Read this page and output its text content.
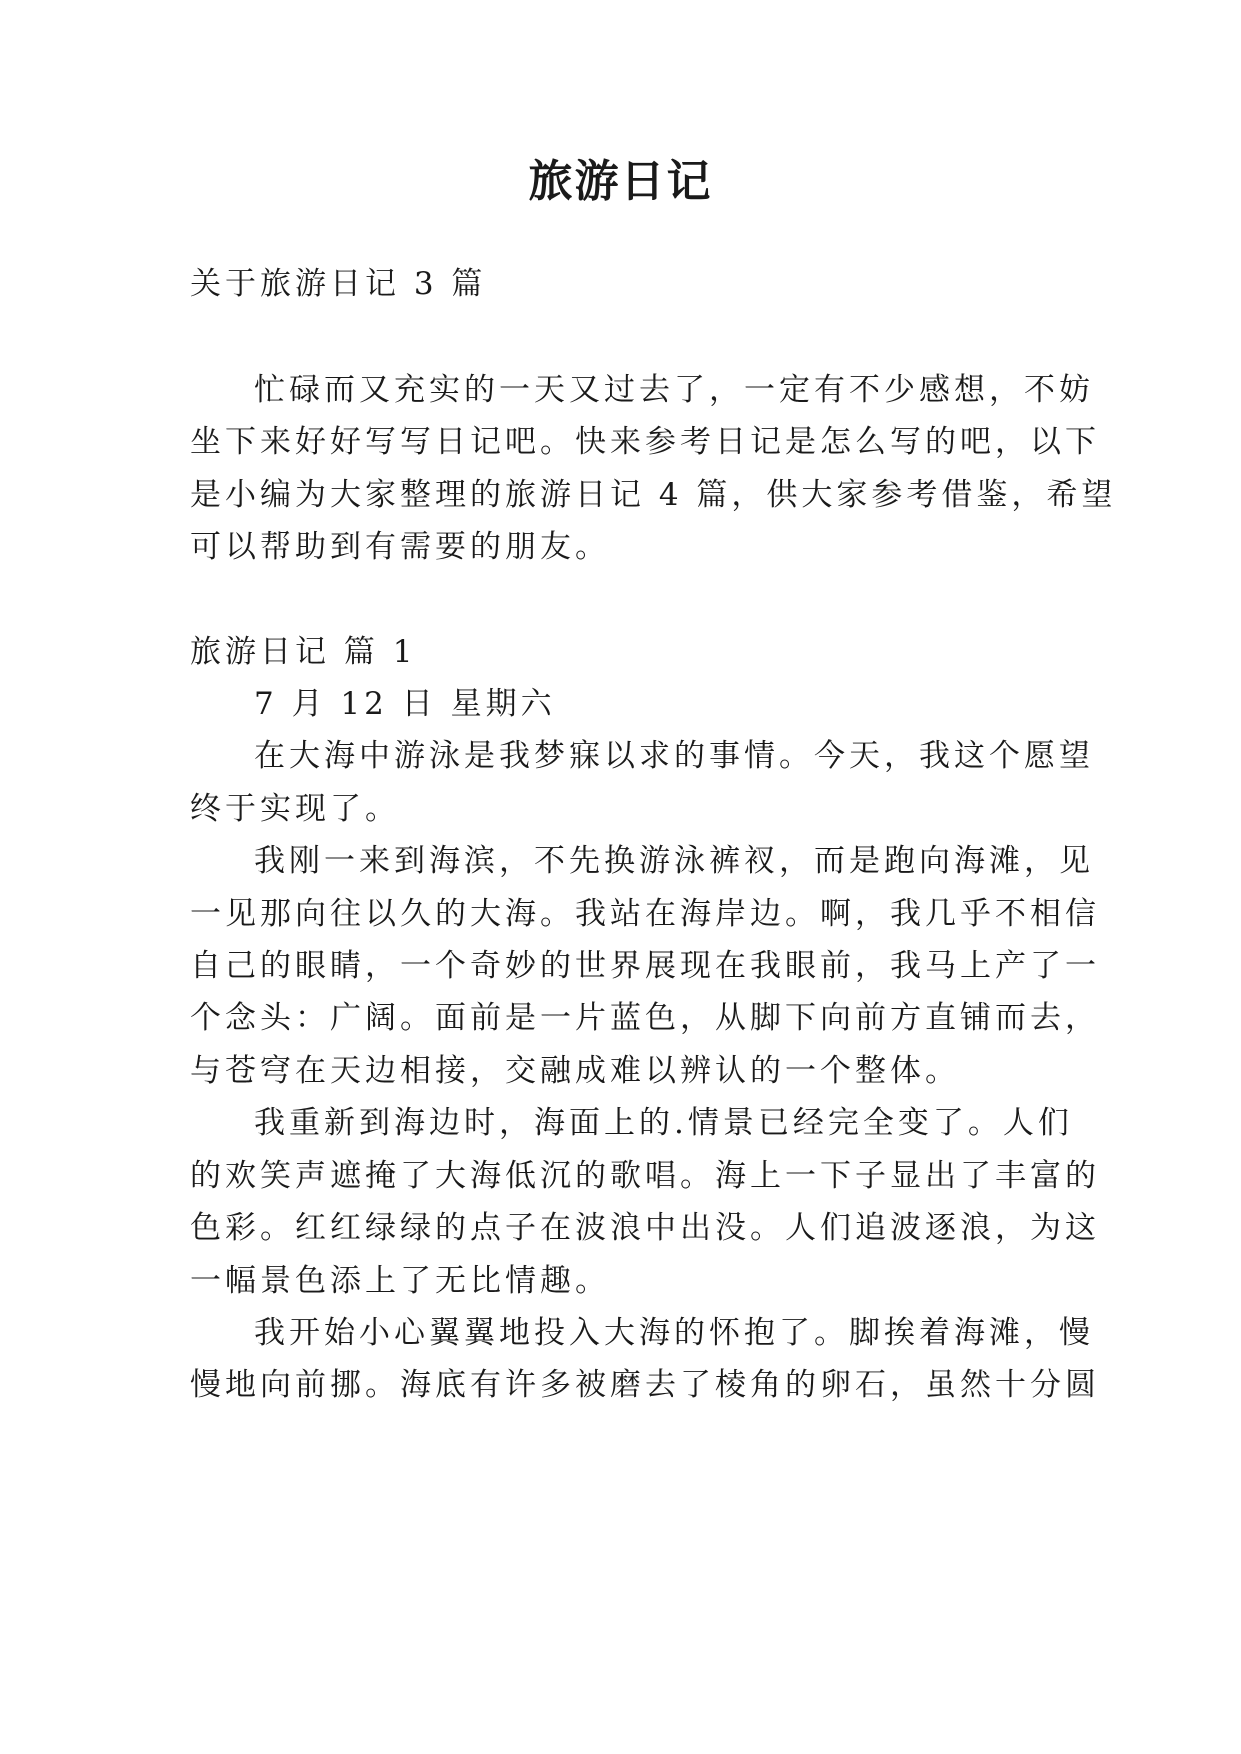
旅游日记

关于旅游日记 3 篇

忙碌而又充实的一天又过去了，一定有不少感想，不妨

坐下来好好写写日记吧。快来参考日记是怎么写的吧，以下

是小编为大家整理的旅游日记 4 篇，供大家参考借鉴，希望

可以帮助到有需要的朋友。

旅游日记 篇 1

7 月 12 日 星期六

在大海中游泳是我梦寐以求的事情。今天，我这个愿望

终于实现了。

我刚一来到海滨，不先换游泳裤衩，而是跑向海滩，见

一见那向往以久的大海。我站在海岸边。啊，我几乎不相信

自己的眼睛，一个奇妙的世界展现在我眼前，我马上产了一

个念头：广阔。面前是一片蓝色，从脚下向前方直铺而去，

与苍穹在天边相接，交融成难以辨认的一个整体。

我重新到海边时，海面上的.情景已经完全变了。人们

的欢笑声遮掩了大海低沉的歌唱。海上一下子显出了丰富的

色彩。红红绿绿的点子在波浪中出没。人们追波逐浪，为这

一幅景色添上了无比情趣。

我开始小心翼翼地投入大海的怀抱了。脚挨着海滩，慢

慢地向前挪。海底有许多被磨去了棱角的卵石，虽然十分圆
